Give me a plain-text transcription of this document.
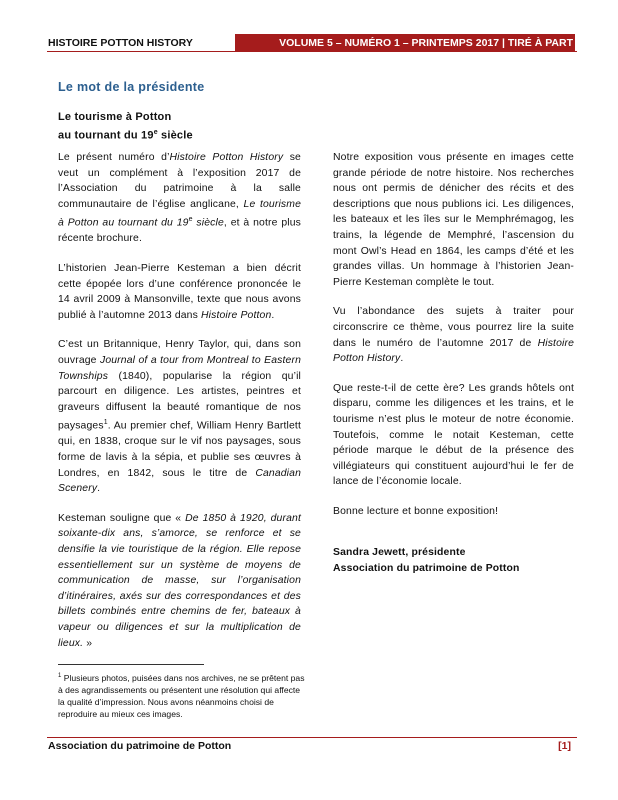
HISTOIRE POTTON HISTORY	VOLUME 5 – NUMÉRO 1 – PRINTEMPS 2017 | TIRÉ À PART
Le mot de la présidente
Le tourisme à Potton
au tournant du 19e siècle

Le présent numéro d’Histoire Potton History se veut un complément à l’exposition 2017 de l’Association du patrimoine à la salle communautaire de l’église anglicane, Le tourisme à Potton au tournant du 19e siècle, et à notre plus récente brochure.

L’historien Jean-Pierre Kesteman a bien décrit cette épopée lors d’une conférence prononcée le 14 avril 2009 à Mansonville, texte que nous avons publié à l’automne 2013 dans Histoire Potton.

C’est un Britannique, Henry Taylor, qui, dans son ouvrage Journal of a tour from Montreal to Eastern Townships (1840), popularise la région qu’il parcourt en diligence. Les artistes, peintres et graveurs diffusent la beauté romantique de nos paysages$^1$. Au premier chef, William Henry Bartlett qui, en 1838, croque sur le vif nos paysages, sous forme de lavis à la sépia, et publie ses œuvres à Londres, en 1842, sous le titre de Canadian Scenery.

Kesteman souligne que « De 1850 à 1920, durant soixante-dix ans, s’amorce, se renforce et se densifie la vie touristique de la région. Elle repose essentiellement sur un système de moyens de communication de masse, sur l’organisation d’itinéraires, axés sur des correspondances et des billets combinés entre chemins de fer, bateaux à vapeur ou diligences et sur la multiplication de lieux. »

Notre exposition vous présente en images cette grande période de notre histoire. Nos recherches nous ont permis de dénicher des récits et des descriptions que nous publions ici. Les diligences, les bateaux et les îles sur le Memphrémagog, les trains, la légende de Memphré, l’ascension du mont Owl’s Head en 1864, les camps d’été et les grandes villas. Un hommage à l’historien Jean-Pierre Kesteman complète le tout.

Vu l’abondance des sujets à traiter pour circonscrire ce thème, vous pourrez lire la suite dans le numéro de l’automne 2017 de Histoire Potton History.

Que reste-t-il de cette ère? Les grands hôtels ont disparu, comme les diligences et les trains, et le tourisme n’est plus le moteur de notre économie. Toutefois, comme le notait Kesteman, cette période marque le début de la présence des villégiateurs qui constituent aujourd’hui le fer de lance de l’économie locale.

Bonne lecture et bonne exposition!

Sandra Jewett, présidente
Association du patrimoine de Potton
$^1$ Plusieurs photos, puisées dans nos archives, ne se prêtent pas à des agrandissements ou présentent une résolution qui affecte la qualité d’impression. Nous avons néanmoins choisi de reproduire au mieux ces images.
Association du patrimoine de Potton	[1]
